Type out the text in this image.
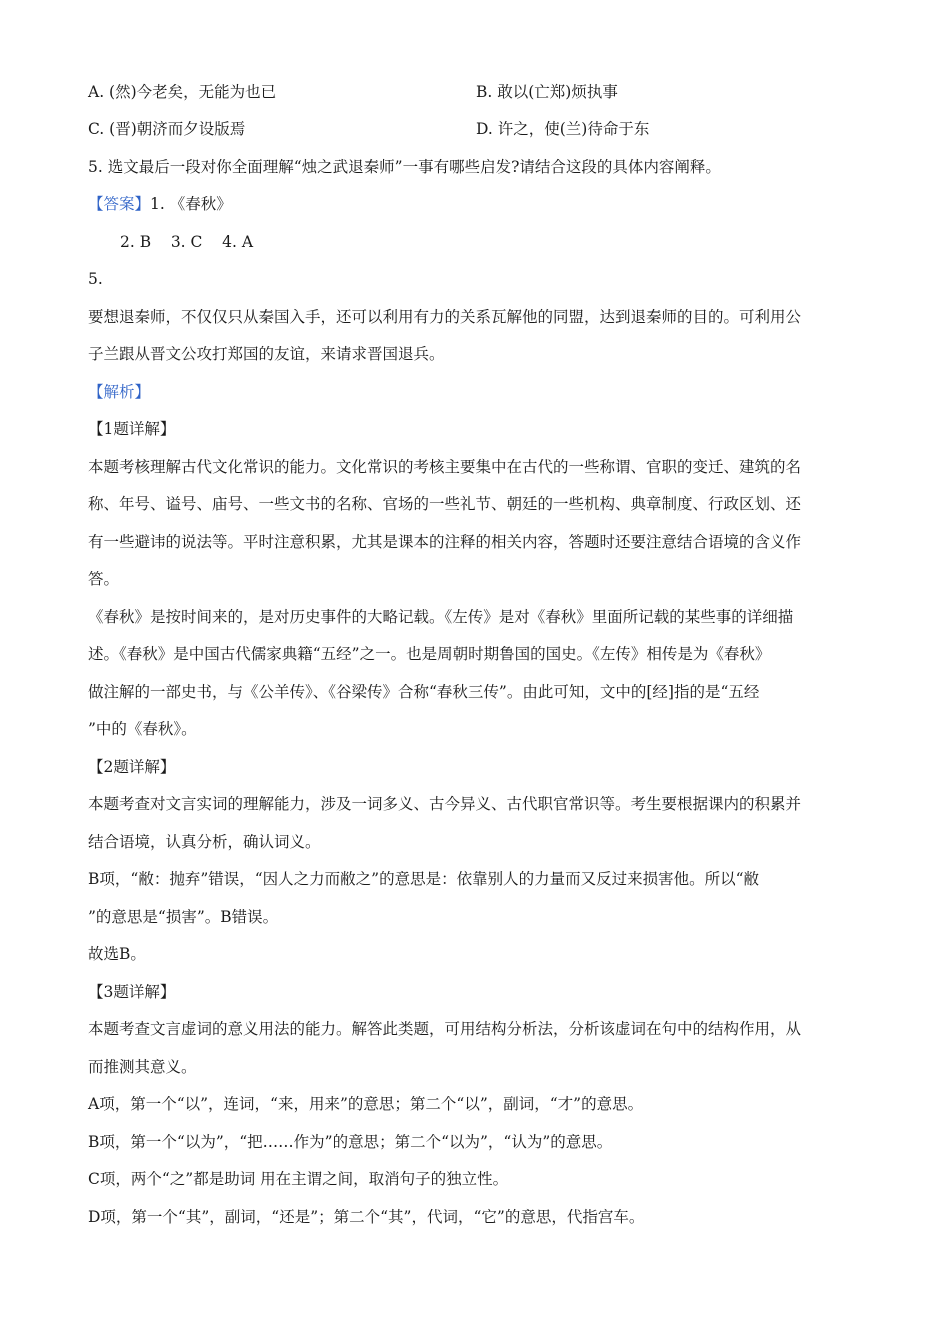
A. (然)今老矣，无能为也已	B. 敢以(亡郑)烦执事
C. (晋)朝济而夕设版焉	D. 许之，使(兰)待命于东
5. 选文最后一段对你全面理解“烛之武退秦师”一事有哪些启发?请结合这段的具体内容阐释。
【答案】1. 《春秋》
2. B    3. C    4. A
5.
要想退秦师，不仅仅只从秦国入手，还可以利用有力的关系瓦解他的同盟，达到退秦师的目的。可利用公
子兰跟从晋文公攻打郑国的友谊，来请求晋国退兵。
【解析】
【1题详解】
本题考核理解古代文化常识的能力。文化常识的考核主要集中在古代的一些称谓、官职的变迁、建筑的名
称、年号、谥号、庙号、一些文书的名称、官场的一些礼节、朝廷的一些机构、典章制度、行政区划、还
有一些避讳的说法等。平时注意积累，尤其是课本的注释的相关内容，答题时还要注意结合语境的含义作
答。
《春秋》是按时间来的，是对历史事件的大略记载。《左传》是对《春秋》里面所记载的某些事的详细描
述。《春秋》是中国古代儒家典籍“五经”之一。也是周朝时期鲁国的国史。《左传》相传是为《春秋》
做注解的一部史书，与《公羊传》、《谷梁传》合称“春秋三传”。由此可知，文中的[经]指的是“五经
”中的《春秋》。
【2题详解】
本题考查对文言实词的理解能力，涉及一词多义、古今异义、古代职官常识等。考生要根据课内的积累并
结合语境，认真分析，确认词义。
B项，“敝：抛弃”错误，“因人之力而敝之”的意思是：依靠别人的力量而又反过来损害他。所以“敝
”的意思是“损害”。B错误。
故选B。
【3题详解】
本题考查文言虚词的意义用法的能力。解答此类题，可用结构分析法，分析该虚词在句中的结构作用，从
而推测其意义。
A项，第一个“以”，连词，“来，用来”的意思；第二个“以”，副词，“才”的意思。
B项，第一个“以为”，“把……作为”的意思；第二个“以为”，“认为”的意思。
C项，两个“之”都是助词 用在主谓之间，取消句子的独立性。
D项，第一个“其”，副词，“还是”；第二个“其”，代词，“它”的意思，代指宫车。
